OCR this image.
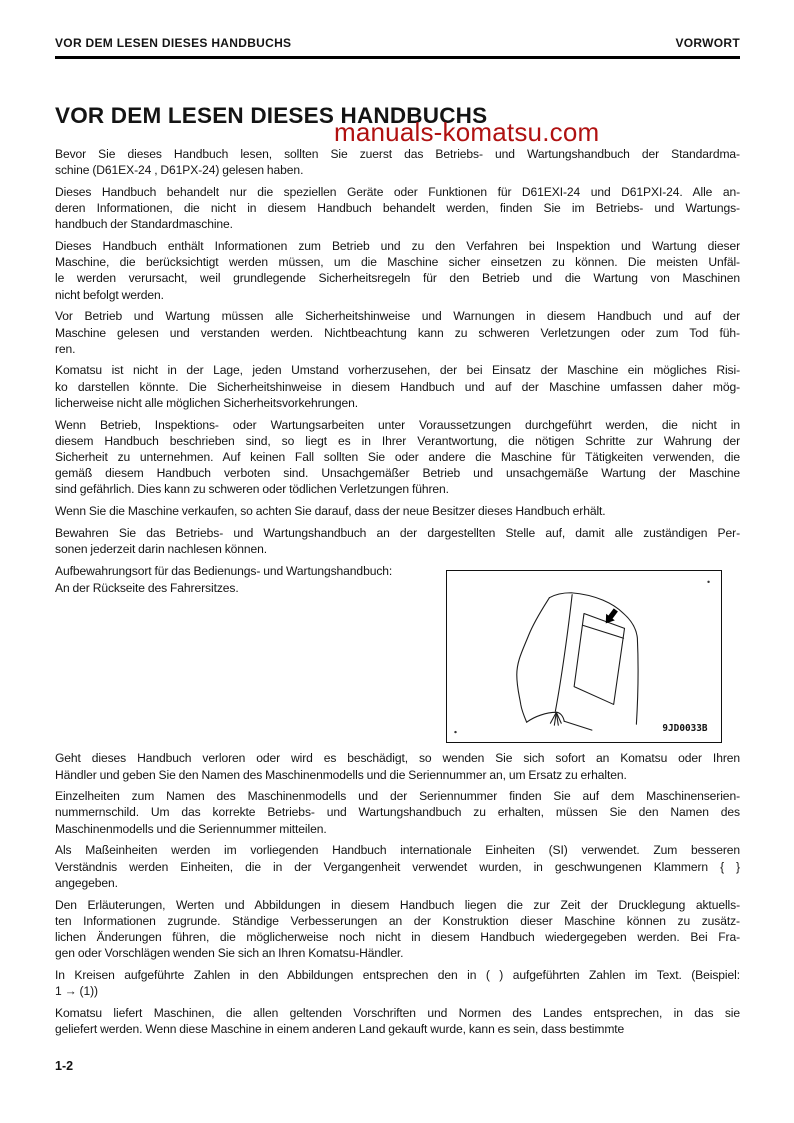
VOR DEM LESEN DIESES HANDBUCHS	VORWORT
VOR DEM LESEN DIESES HANDBUCHS
manuals-komatsu.com
Bevor Sie dieses Handbuch lesen, sollten Sie zuerst das Betriebs- und Wartungshandbuch der Standardma-
schine (D61EX-24 , D61PX-24) gelesen haben.
Dieses Handbuch behandelt nur die speziellen Geräte oder Funktionen für D61EXI-24 und D61PXI-24. Alle an-
deren Informationen, die nicht in diesem Handbuch behandelt werden, finden Sie im Betriebs- und Wartungs-
handbuch der Standardmaschine.
Dieses Handbuch enthält Informationen zum Betrieb und zu den Verfahren bei Inspektion und Wartung dieser
Maschine, die berücksichtigt werden müssen, um die Maschine sicher einsetzen zu können. Die meisten Unfäl-
le werden verursacht, weil grundlegende Sicherheitsregeln für den Betrieb und die Wartung von Maschinen
nicht befolgt werden.
Vor Betrieb und Wartung müssen alle Sicherheitshinweise und Warnungen in diesem Handbuch und auf der
Maschine gelesen und verstanden werden. Nichtbeachtung kann zu schweren Verletzungen oder zum Tod füh-
ren.
Komatsu ist nicht in der Lage, jeden Umstand vorherzusehen, der bei Einsatz der Maschine ein mögliches Risi-
ko darstellen könnte. Die Sicherheitshinweise in diesem Handbuch und auf der Maschine umfassen daher mög-
licherweise nicht alle möglichen Sicherheitsvorkehrungen.
Wenn Betrieb, Inspektions- oder Wartungsarbeiten unter Voraussetzungen durchgeführt werden, die nicht in
diesem Handbuch beschrieben sind, so liegt es in Ihrer Verantwortung, die nötigen Schritte zur Wahrung der
Sicherheit zu unternehmen. Auf keinen Fall sollten Sie oder andere die Maschine für Tätigkeiten verwenden, die
gemäß diesem Handbuch verboten sind. Unsachgemäßer Betrieb und unsachgemäße Wartung der Maschine
sind gefährlich. Dies kann zu schweren oder tödlichen Verletzungen führen.
Wenn Sie die Maschine verkaufen, so achten Sie darauf, dass der neue Besitzer dieses Handbuch erhält.
Bewahren Sie das Betriebs- und Wartungshandbuch an der dargestellten Stelle auf, damit alle zuständigen Per-
sonen jederzeit darin nachlesen können.
Aufbewahrungsort für das Bedienungs- und Wartungshandbuch:
An der Rückseite des Fahrersitzes.
9JD0033B
Geht dieses Handbuch verloren oder wird es beschädigt, so wenden Sie sich sofort an Komatsu oder Ihren
Händler und geben Sie den Namen des Maschinenmodells und die Seriennummer an, um Ersatz zu erhalten.
Einzelheiten zum Namen des Maschinenmodells und der Seriennummer finden Sie auf dem Maschinenserien-
nummernschild. Um das korrekte Betriebs- und Wartungshandbuch zu erhalten, müssen Sie den Namen des
Maschinenmodells und die Seriennummer mitteilen.
Als Maßeinheiten werden im vorliegenden Handbuch internationale Einheiten (SI) verwendet. Zum besseren
Verständnis werden Einheiten, die in der Vergangenheit verwendet wurden, in geschwungenen Klammern { }
angegeben.
Den Erläuterungen, Werten und Abbildungen in diesem Handbuch liegen die zur Zeit der Drucklegung aktuells-
ten Informationen zugrunde. Ständige Verbesserungen an der Konstruktion dieser Maschine können zu zusätz-
lichen Änderungen führen, die möglicherweise noch nicht in diesem Handbuch wiedergegeben werden. Bei Fra-
gen oder Vorschlägen wenden Sie sich an Ihren Komatsu-Händler.
In Kreisen aufgeführte Zahlen in den Abbildungen entsprechen den in ( ) aufgeführten Zahlen im Text. (Beispiel:
1 → (1))
Komatsu liefert Maschinen, die allen geltenden Vorschriften und Normen des Landes entsprechen, in das sie
geliefert werden. Wenn diese Maschine in einem anderen Land gekauft wurde, kann es sein, dass bestimmte
1-2
